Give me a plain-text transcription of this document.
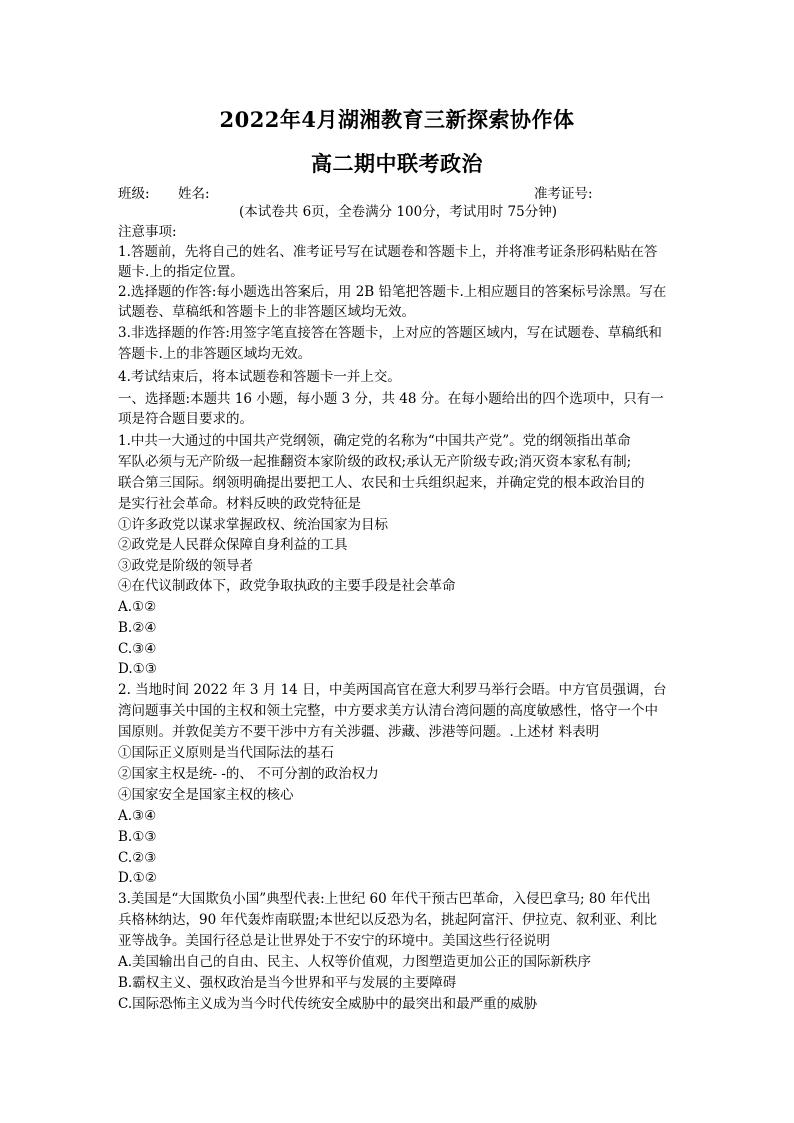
2022年4月湖湘教育三新探索协作体
高二期中联考政治
班级: 姓名:	准考证号:
(本试卷共 6页，全卷满分 100分，考试用时 75分钟)
注意事项:
1.答题前，先将自己的姓名、准考证号写在试题卷和答题卡上，并将准考证条形码粘贴在答
题卡.上的指定位置。
2.选择题的作答:每小题选出答案后，用 2B 铅笔把答题卡.上相应题目的答案标号涂黑。写在
试题卷、草稿纸和答题卡上的非答题区域均无效。
3.非选择题的作答:用签字笔直接答在答题卡，上对应的答题区域内，写在试题卷、草稿纸和
答题卡.上的非答题区域均无效。
4.考试结束后，将本试题卷和答题卡一并上交。
一、选择题:本题共 16 小题，每小题 3 分，共 48 分。在每小题给出的四个选项中，只有一
项是符合题目要求的。
1.中共一大通过的中国共产党纲领，确定党的名称为“中国共产党”。党的纲领指出革命
军队必须与无产阶级一起推翻资本家阶级的政权;承认无产阶级专政;消灭资本家私有制;
联合第三国际。纲领明确提出要把工人、农民和士兵组织起来，并确定党的根本政治目的
是实行社会革命。材料反映的政党特征是
①许多政党以谋求掌握政权、统治国家为目标
②政党是人民群众保障自身利益的工具
③政党是阶级的领导者
④在代议制政体下，政党争取执政的主要手段是社会革命
A.①②
B.②④
C.③④
D.①③
2. 当地时间 2022 年 3 月 14 日，中美两国高官在意大利罗马举行会晤。中方官员强调，台
湾问题事关中国的主权和领土完整，中方要求美方认清台湾问题的高度敏感性，恪守一个中
国原则。并敦促美方不要干涉中方有关涉疆、涉藏、涉港等问题。.上述材 料表明
①国际正义原则是当代国际法的基石
②国家主权是统- -的、 不可分割的政治权力
④国家安全是国家主权的核心
A.③④
B.①③
C.②③
D.①②
3.美国是“大国欺负小国”典型代表:上世纪 60 年代干预古巴革命，入侵巴拿马; 80 年代出
兵格林纳达，90 年代轰炸南联盟;本世纪以反恐为名，挑起阿富汗、伊拉克、叙利亚、利比
亚等战争。美国行径总是让世界处于不安宁的环境中。美国这些行径说明
A.美国输出自己的自由、民主、人权等价值观，力图塑造更加公正的国际新秩序
B.霸权主义、强权政治是当今世界和平与发展的主要障碍
C.国际恐怖主义成为当今时代传统安全威胁中的最突出和最严重的威胁
